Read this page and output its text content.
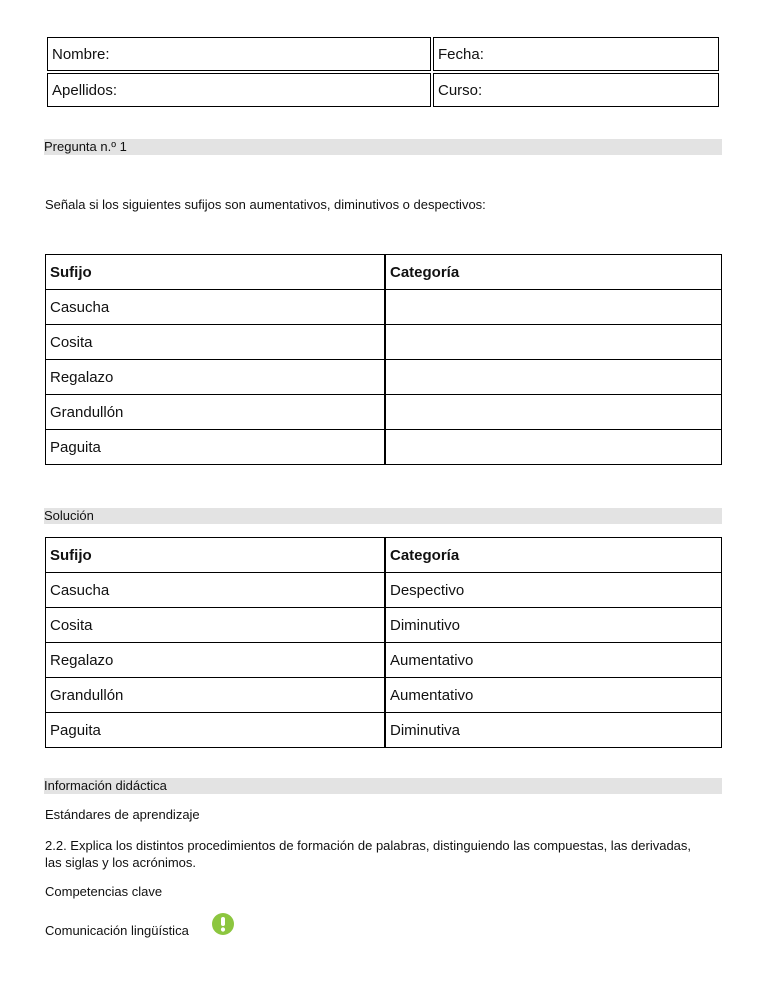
Nombre:	Fecha:
Apellidos:	Curso:
Pregunta n.º 1
Señala si los siguientes sufijos son aumentativos, diminutivos o despectivos:
Sufijo	Categoría
Casucha	
Cosita	
Regalazo	
Grandullón	
Paguita	
Solución
Sufijo	Categoría
Casucha	Despectivo
Cosita	Diminutivo
Regalazo	Aumentativo
Grandullón	Aumentativo
Paguita	Diminutiva
Información didáctica
Estándares de aprendizaje
2.2. Explica los distintos procedimientos de formación de palabras, distinguiendo las compuestas, las derivadas, las siglas y los acrónimos.
Competencias clave
Comunicación lingüística
